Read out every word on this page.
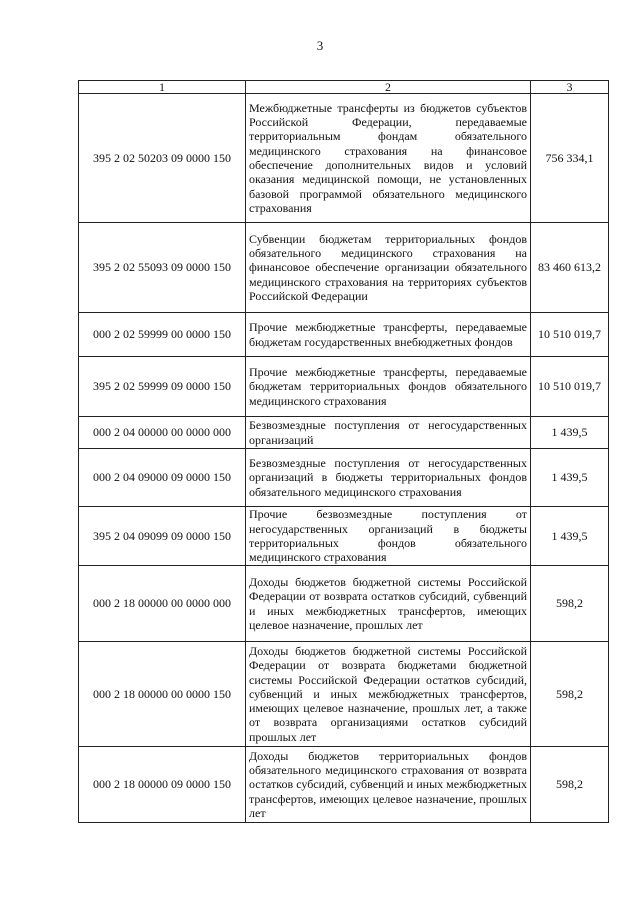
3
1	2	3
395 2 02 50203 09 0000 150	Межбюджетные трансферты из бюджетов субъектов Российской Федерации, передаваемые территориальным фондам обязательного медицинского страхования на финансовое обеспечение дополнительных видов и условий оказания медицинской помощи, не установленных базовой программой обязательного медицинского страхования	756 334,1
395 2 02 55093 09 0000 150	Субвенции бюджетам территориальных фондов обязательного медицинского страхования на финансовое обеспечение организации обязательного медицинского страхования на территориях субъектов Российской Федерации	83 460 613,2
000 2 02 59999 00 0000 150	Прочие межбюджетные трансферты, передаваемые бюджетам государственных внебюджетных фондов	10 510 019,7
395 2 02 59999 09 0000 150	Прочие межбюджетные трансферты, передаваемые бюджетам территориальных фондов обязательного медицинского страхования	10 510 019,7
000 2 04 00000 00 0000 000	Безвозмездные поступления от негосударственных организаций	1 439,5
000 2 04 09000 09 0000 150	Безвозмездные поступления от негосударственных организаций в бюджеты территориальных фондов обязательного медицинского страхования	1 439,5
395 2 04 09099 09 0000 150	Прочие безвозмездные поступления от негосударственных организаций в бюджеты территориальных фондов обязательного медицинского страхования	1 439,5
000 2 18 00000 00 0000 000	Доходы бюджетов бюджетной системы Российской Федерации от возврата остатков субсидий, субвенций и иных межбюджетных трансфертов, имеющих целевое назначение, прошлых лет	598,2
000 2 18 00000 00 0000 150	Доходы бюджетов бюджетной системы Российской Федерации от возврата бюджетами бюджетной системы Российской Федерации остатков субсидий, субвенций и иных межбюджетных трансфертов, имеющих целевое назначение, прошлых лет, а также от возврата организациями остатков субсидий прошлых лет	598,2
000 2 18 00000 09 0000 150	Доходы бюджетов территориальных фондов обязательного медицинского страхования от возврата остатков субсидий, субвенций и иных межбюджетных трансфертов, имеющих целевое назначение, прошлых лет	598,2
